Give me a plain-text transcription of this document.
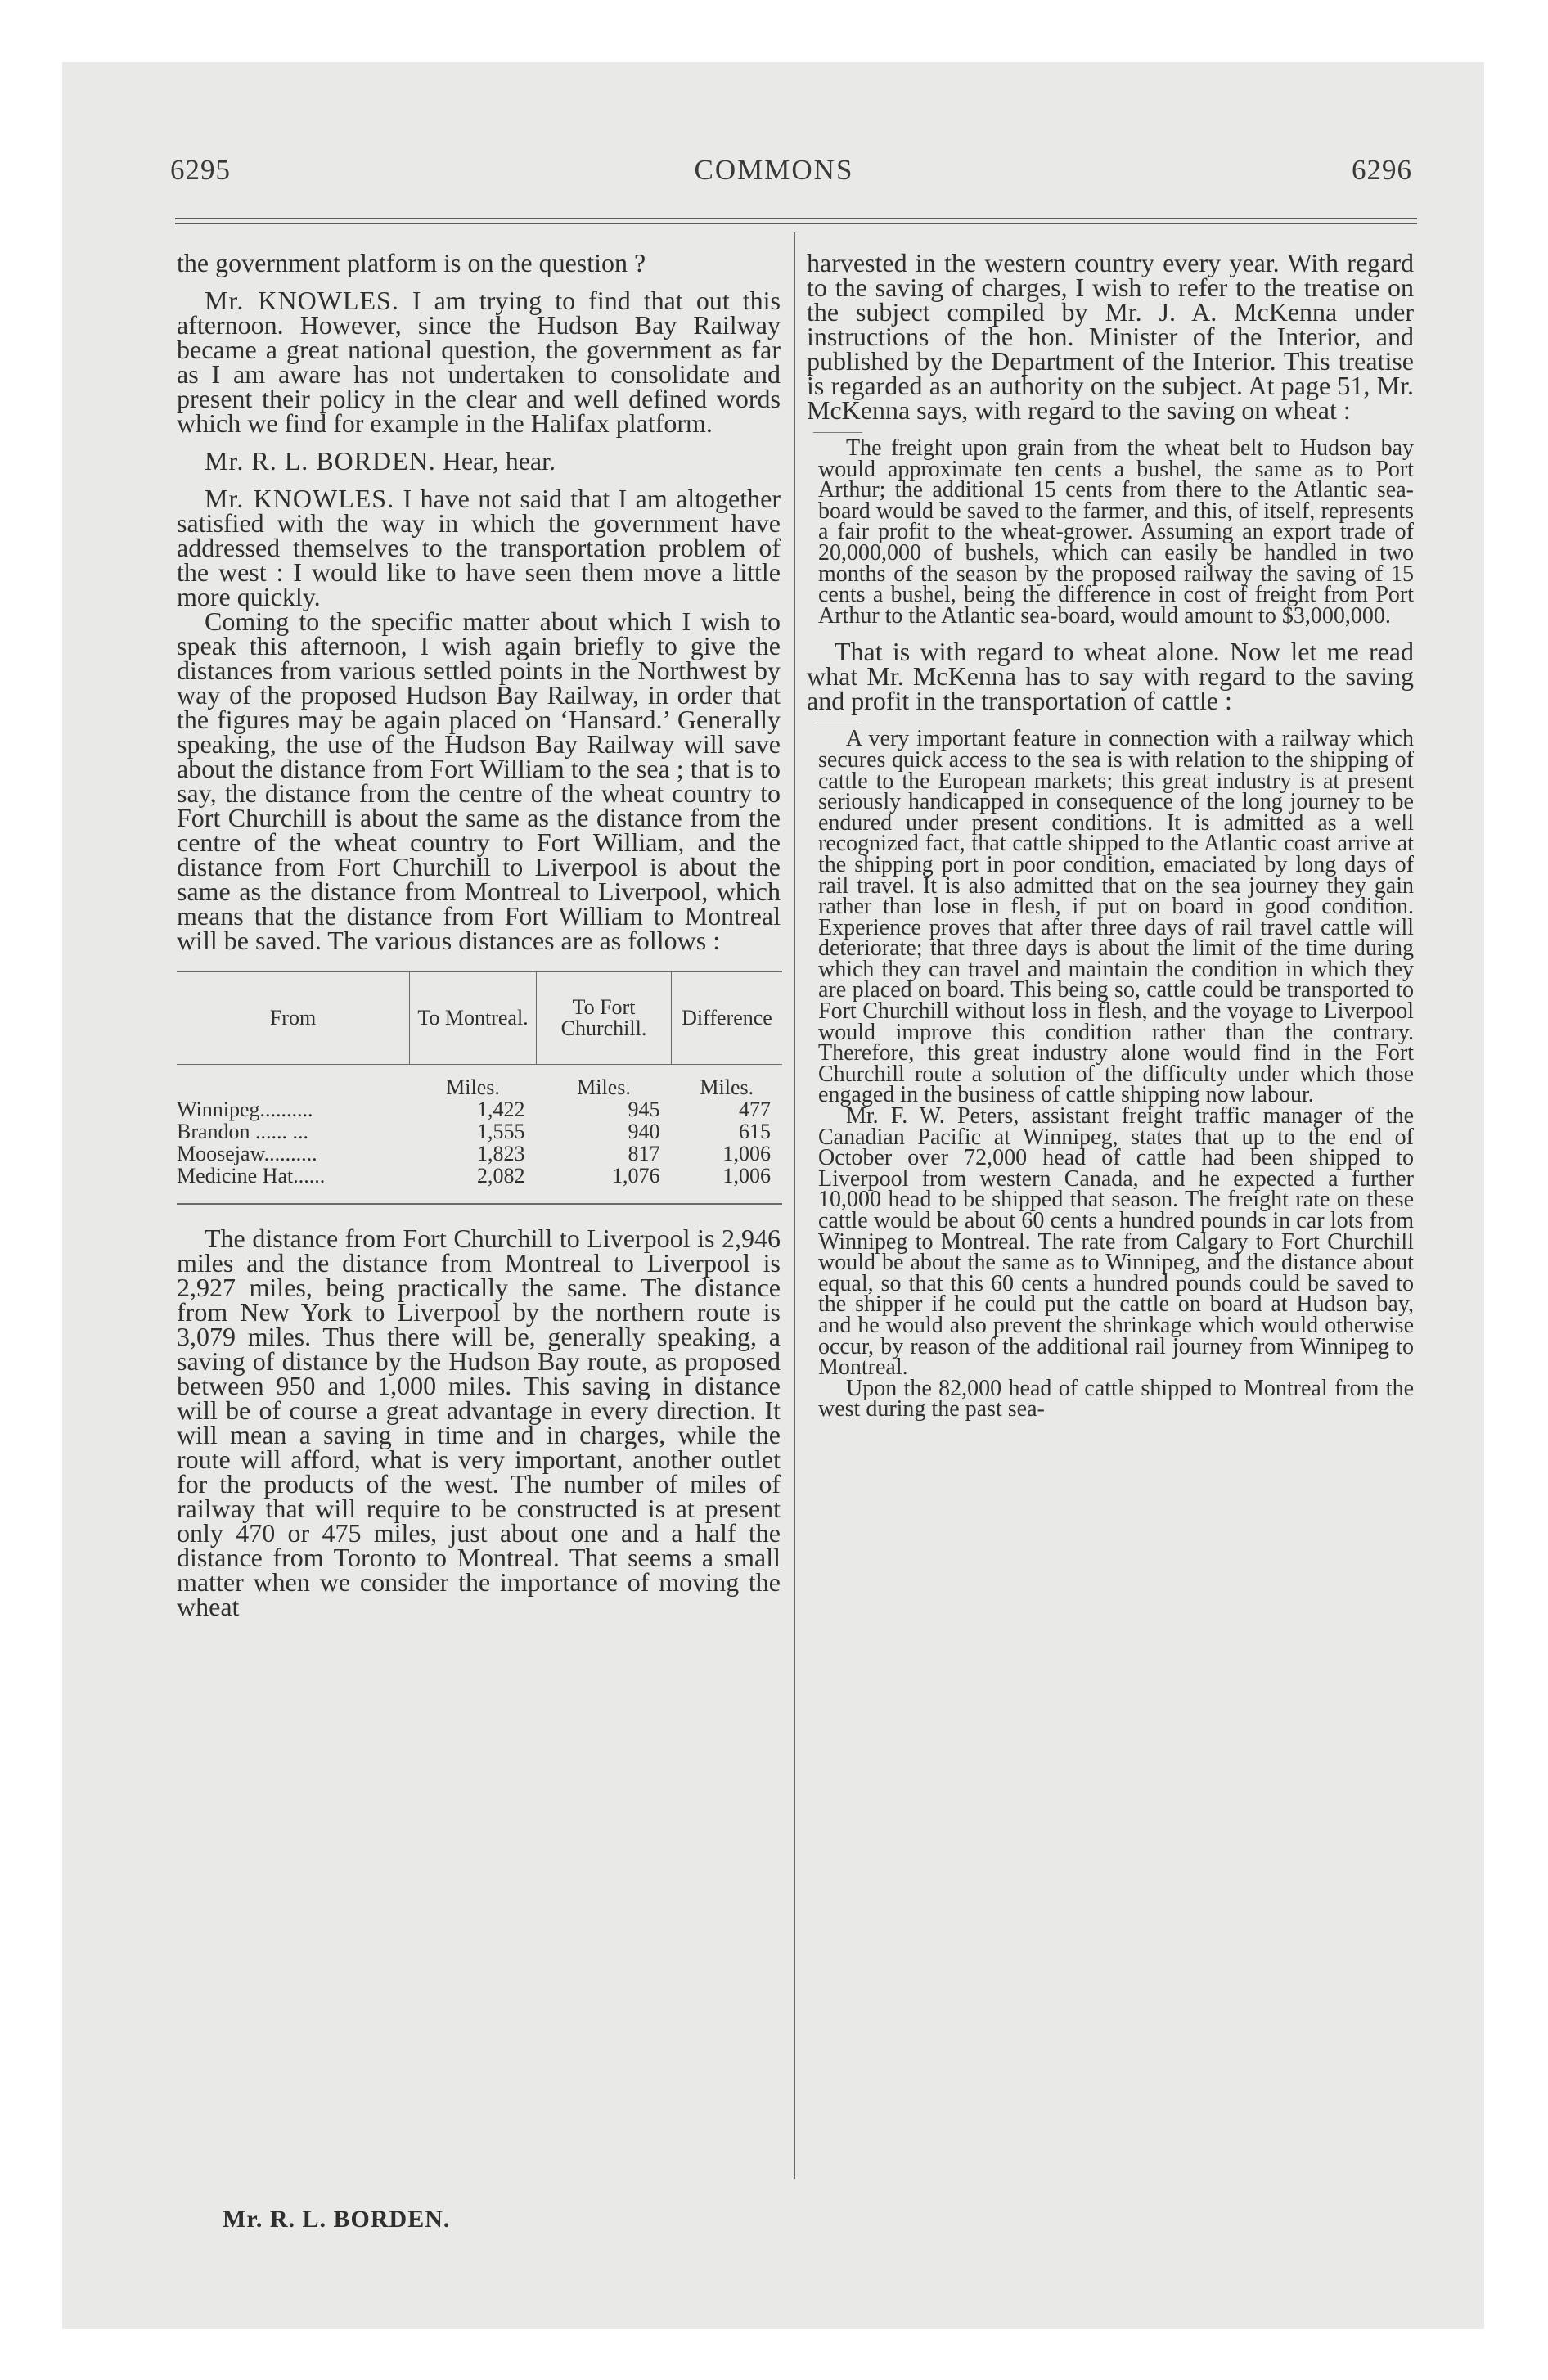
6295	COMMONS	6296

the government platform is on the question ?

Mr. KNOWLES. I am trying to find that out this afternoon. However, since the Hudson Bay Railway became a great national question, the government as far as I am aware has not undertaken to consolidate and present their policy in the clear and well defined words which we find for example in the Halifax platform.

Mr. R. L. BORDEN. Hear, hear.

Mr. KNOWLES. I have not said that I am altogether satisfied with the way in which the government have addressed themselves to the transportation problem of the west : I would like to have seen them move a little more quickly.

Coming to the specific matter about which I wish to speak this afternoon, I wish again briefly to give the distances from various settled points in the Northwest by way of the proposed Hudson Bay Railway, in order that the figures may be again placed on ‘Hansard.’ Generally speaking, the use of the Hudson Bay Railway will save about the distance from Fort William to the sea ; that is to say, the distance from the centre of the wheat country to Fort Churchill is about the same as the distance from the centre of the wheat country to Fort William, and the distance from Fort Churchill to Liverpool is about the same as the distance from Montreal to Liverpool, which means that the distance from Fort William to Montreal will be saved. The various distances are as follows :

From	To Montreal.	To Fort Churchill.	Difference
	Miles.	Miles.	Miles.
Winnipeg..........	1,422	945	477
Brandon ...... ...	1,555	940	615
Moosejaw..........	1,823	817	1,006
Medicine Hat......	2,082	1,076	1,006

The distance from Fort Churchill to Liverpool is 2,946 miles and the distance from Montreal to Liverpool is 2,927 miles, being practically the same. The distance from New York to Liverpool by the northern route is 3,079 miles. Thus there will be, generally speaking, a saving of distance by the Hudson Bay route, as proposed between 950 and 1,000 miles. This saving in distance will be of course a great advantage in every direction. It will mean a saving in time and in charges, while the route will afford, what is very important, another outlet for the products of the west. The number of miles of railway that will require to be constructed is at present only 470 or 475 miles, just about one and a half the distance from Toronto to Montreal. That seems a small matter when we consider the importance of moving the wheat

harvested in the western country every year. With regard to the saving of charges, I wish to refer to the treatise on the subject compiled by Mr. J. A. McKenna under instructions of the hon. Minister of the Interior, and published by the Department of the Interior. This treatise is regarded as an authority on the subject. At page 51, Mr. McKenna says, with regard to the saving on wheat :

The freight upon grain from the wheat belt to Hudson bay would approximate ten cents a bushel, the same as to Port Arthur; the additional 15 cents from there to the Atlantic sea-board would be saved to the farmer, and this, of itself, represents a fair profit to the wheat-grower. Assuming an export trade of 20,000,000 of bushels, which can easily be handled in two months of the season by the proposed railway the saving of 15 cents a bushel, being the difference in cost of freight from Port Arthur to the Atlantic sea-board, would amount to $3,000,000.

That is with regard to wheat alone. Now let me read what Mr. McKenna has to say with regard to the saving and profit in the transportation of cattle :

A very important feature in connection with a railway which secures quick access to the sea is with relation to the shipping of cattle to the European markets; this great industry is at present seriously handicapped in consequence of the long journey to be endured under present conditions. It is admitted as a well recognized fact, that cattle shipped to the Atlantic coast arrive at the shipping port in poor condition, emaciated by long days of rail travel. It is also admitted that on the sea journey they gain rather than lose in flesh, if put on board in good condition. Experience proves that after three days of rail travel cattle will deteriorate; that three days is about the limit of the time during which they can travel and maintain the condition in which they are placed on board. This being so, cattle could be transported to Fort Churchill without loss in flesh, and the voyage to Liverpool would improve this condition rather than the contrary. Therefore, this great industry alone would find in the Fort Churchill route a solution of the difficulty under which those engaged in the business of cattle shipping now labour.

Mr. F. W. Peters, assistant freight traffic manager of the Canadian Pacific at Winnipeg, states that up to the end of October over 72,000 head of cattle had been shipped to Liverpool from western Canada, and he expected a further 10,000 head to be shipped that season. The freight rate on these cattle would be about 60 cents a hundred pounds in car lots from Winnipeg to Montreal. The rate from Calgary to Fort Churchill would be about the same as to Winnipeg, and the distance about equal, so that this 60 cents a hundred pounds could be saved to the shipper if he could put the cattle on board at Hudson bay, and he would also prevent the shrinkage which would otherwise occur, by reason of the additional rail journey from Winnipeg to Montreal.

Upon the 82,000 head of cattle shipped to Montreal from the west during the past sea-

Mr. R. L. BORDEN.
